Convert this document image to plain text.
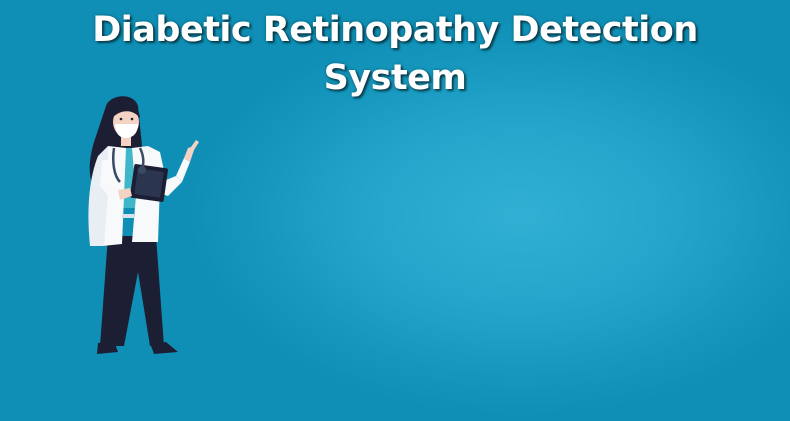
Diabetic Retinopathy Detection
System
